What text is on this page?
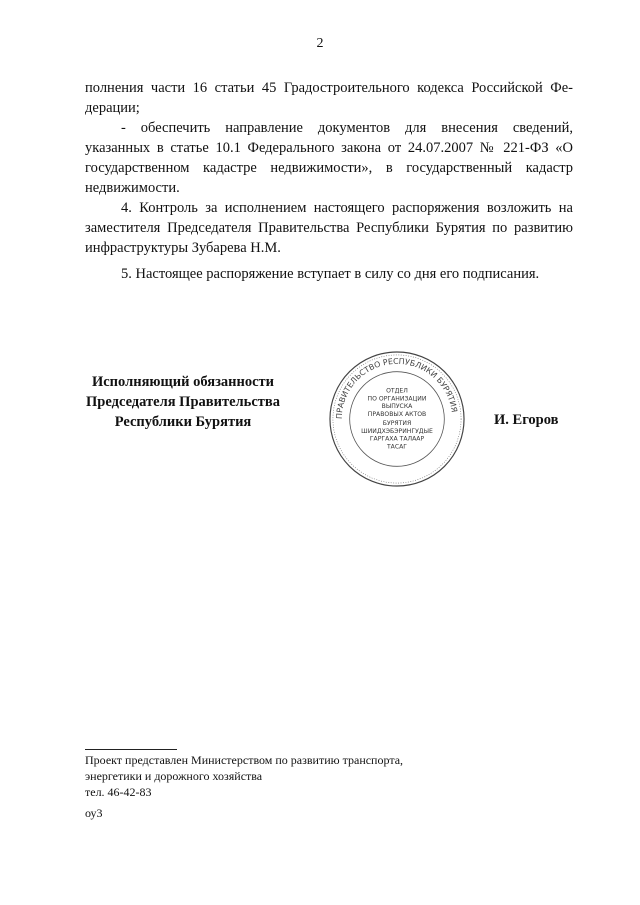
2
полнения части 16 статьи 45 Градостроительного кодекса Российской Фе-
дерации;
- обеспечить направление документов для внесения сведений, указанных в статье 10.1 Федерального закона от 24.07.2007 № 221-ФЗ «О государственном кадастре недвижимости», в государственный кадастр недвижимости.
4. Контроль за исполнением настоящего распоряжения возложить на заместителя Председателя Правительства Республики Бурятия по развитию инфраструктуры Зубарева Н.М.
5. Настоящее распоряжение вступает в силу со дня его подписания.
Исполняющий обязанности
Председателя Правительства
Республики Бурятия	ПРАВИТЕЛЬСТВО РЕСПУБЛИКИ БУРЯТИЯ
ОТДЕЛ
ПО ОРГАНИЗАЦИИ
ВЫПУСКА
ПРАВОВЫХ АКТОВ
БУРЯТИЯ
ШИИДХЭБЭРИНГУДЫЕ
ГАРГАХА ТАЛААР
ТАСАГ
И. Егоров
Проект представлен Министерством по развитию транспорта,
энергетики и дорожного хозяйства
тел. 46-42-83
оу3
